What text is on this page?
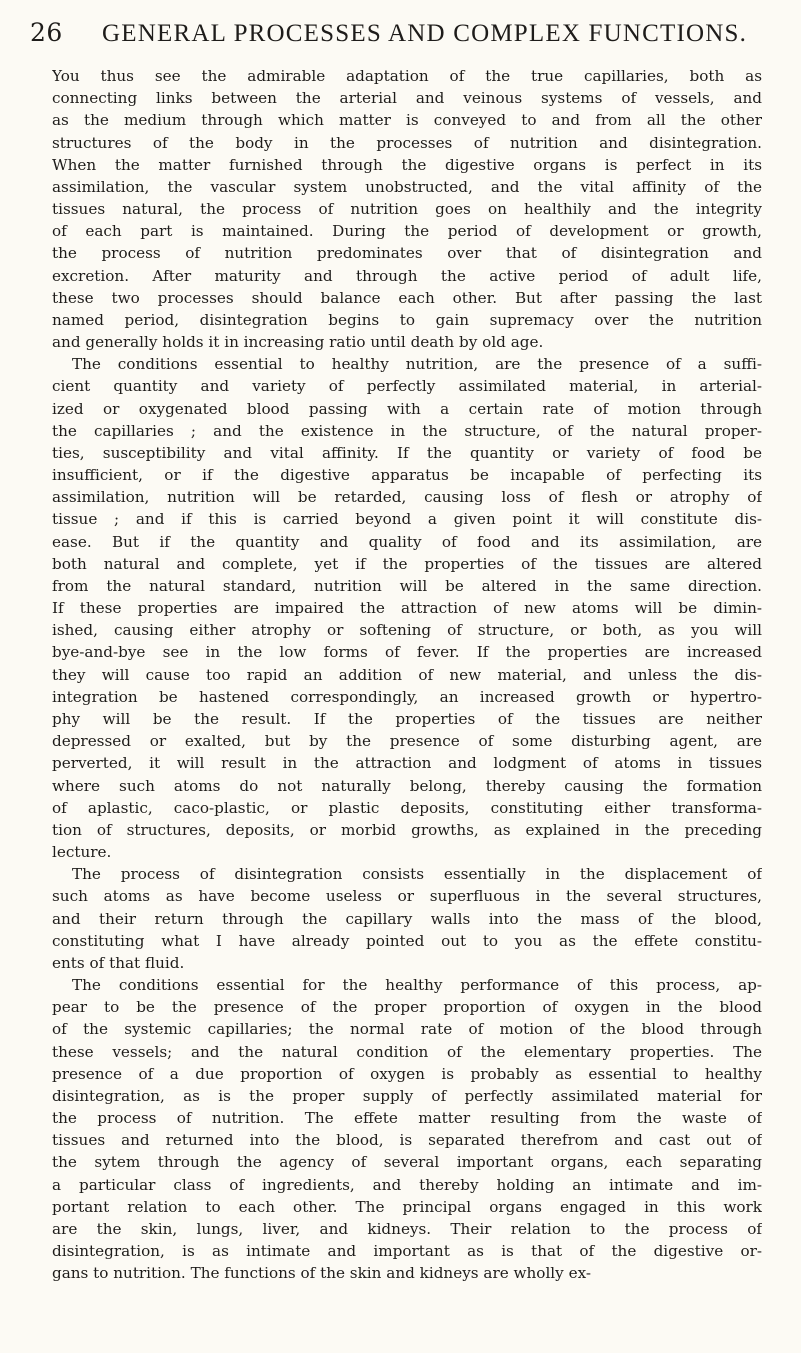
26 GENERAL PROCESSES AND COMPLEX FUNCTIONS.
You thus see the admirable adaptation of the true capillaries, both as
connecting links between the arterial and veinous systems of vessels, and
as the medium through which matter is conveyed to and from all the other
structures of the body in the processes of nutrition and disintegration.
When the matter furnished through the digestive organs is perfect in its
assimilation, the vascular system unobstructed, and the vital affinity of the
tissues natural, the process of nutrition goes on healthily and the integrity
of each part is maintained. During the period of development or growth,
the process of nutrition predominates over that of disintegration and
excretion. After maturity and through the active period of adult life,
these two processes should balance each other. But after passing the last
named period, disintegration begins to gain supremacy over the nutrition
and generally holds it in increasing ratio until death by old age.
The conditions essential to healthy nutrition, are the presence of a suffi-
cient quantity and variety of perfectly assimilated material, in arterial-
ized or oxygenated blood passing with a certain rate of motion through
the capillaries ; and the existence in the structure, of the natural proper-
ties, susceptibility and vital affinity. If the quantity or variety of food be
insufficient, or if the digestive apparatus be incapable of perfecting its
assimilation, nutrition will be retarded, causing loss of flesh or atrophy of
tissue ; and if this is carried beyond a given point it will constitute dis-
ease. But if the quantity and quality of food and its assimilation, are
both natural and complete, yet if the properties of the tissues are altered
from the natural standard, nutrition will be altered in the same direction.
If these properties are impaired the attraction of new atoms will be dimin-
ished, causing either atrophy or softening of structure, or both, as you will
bye-and-bye see in the low forms of fever. If the properties are increased
they will cause too rapid an addition of new material, and unless the dis-
integration be hastened correspondingly, an increased growth or hypertro-
phy will be the result. If the properties of the tissues are neither
depressed or exalted, but by the presence of some disturbing agent, are
perverted, it will result in the attraction and lodgment of atoms in tissues
where such atoms do not naturally belong, thereby causing the formation
of aplastic, caco-plastic, or plastic deposits, constituting either transforma-
tion of structures, deposits, or morbid growths, as explained in the preceding
lecture.
The process of disintegration consists essentially in the displacement of
such atoms as have become useless or superfluous in the several structures,
and their return through the capillary walls into the mass of the blood,
constituting what I have already pointed out to you as the effete constitu-
ents of that fluid.
The conditions essential for the healthy performance of this process, ap-
pear to be the presence of the proper proportion of oxygen in the blood
of the systemic capillaries; the normal rate of motion of the blood through
these vessels; and the natural condition of the elementary properties. The
presence of a due proportion of oxygen is probably as essential to healthy
disintegration, as is the proper supply of perfectly assimilated material for
the process of nutrition. The effete matter resulting from the waste of
tissues and returned into the blood, is separated therefrom and cast out of
the sytem through the agency of several important organs, each separating
a particular class of ingredients, and thereby holding an intimate and im-
portant relation to each other. The principal organs engaged in this work
are the skin, lungs, liver, and kidneys. Their relation to the process of
disintegration, is as intimate and important as is that of the digestive or-
gans to nutrition. The functions of the skin and kidneys are wholly ex-
